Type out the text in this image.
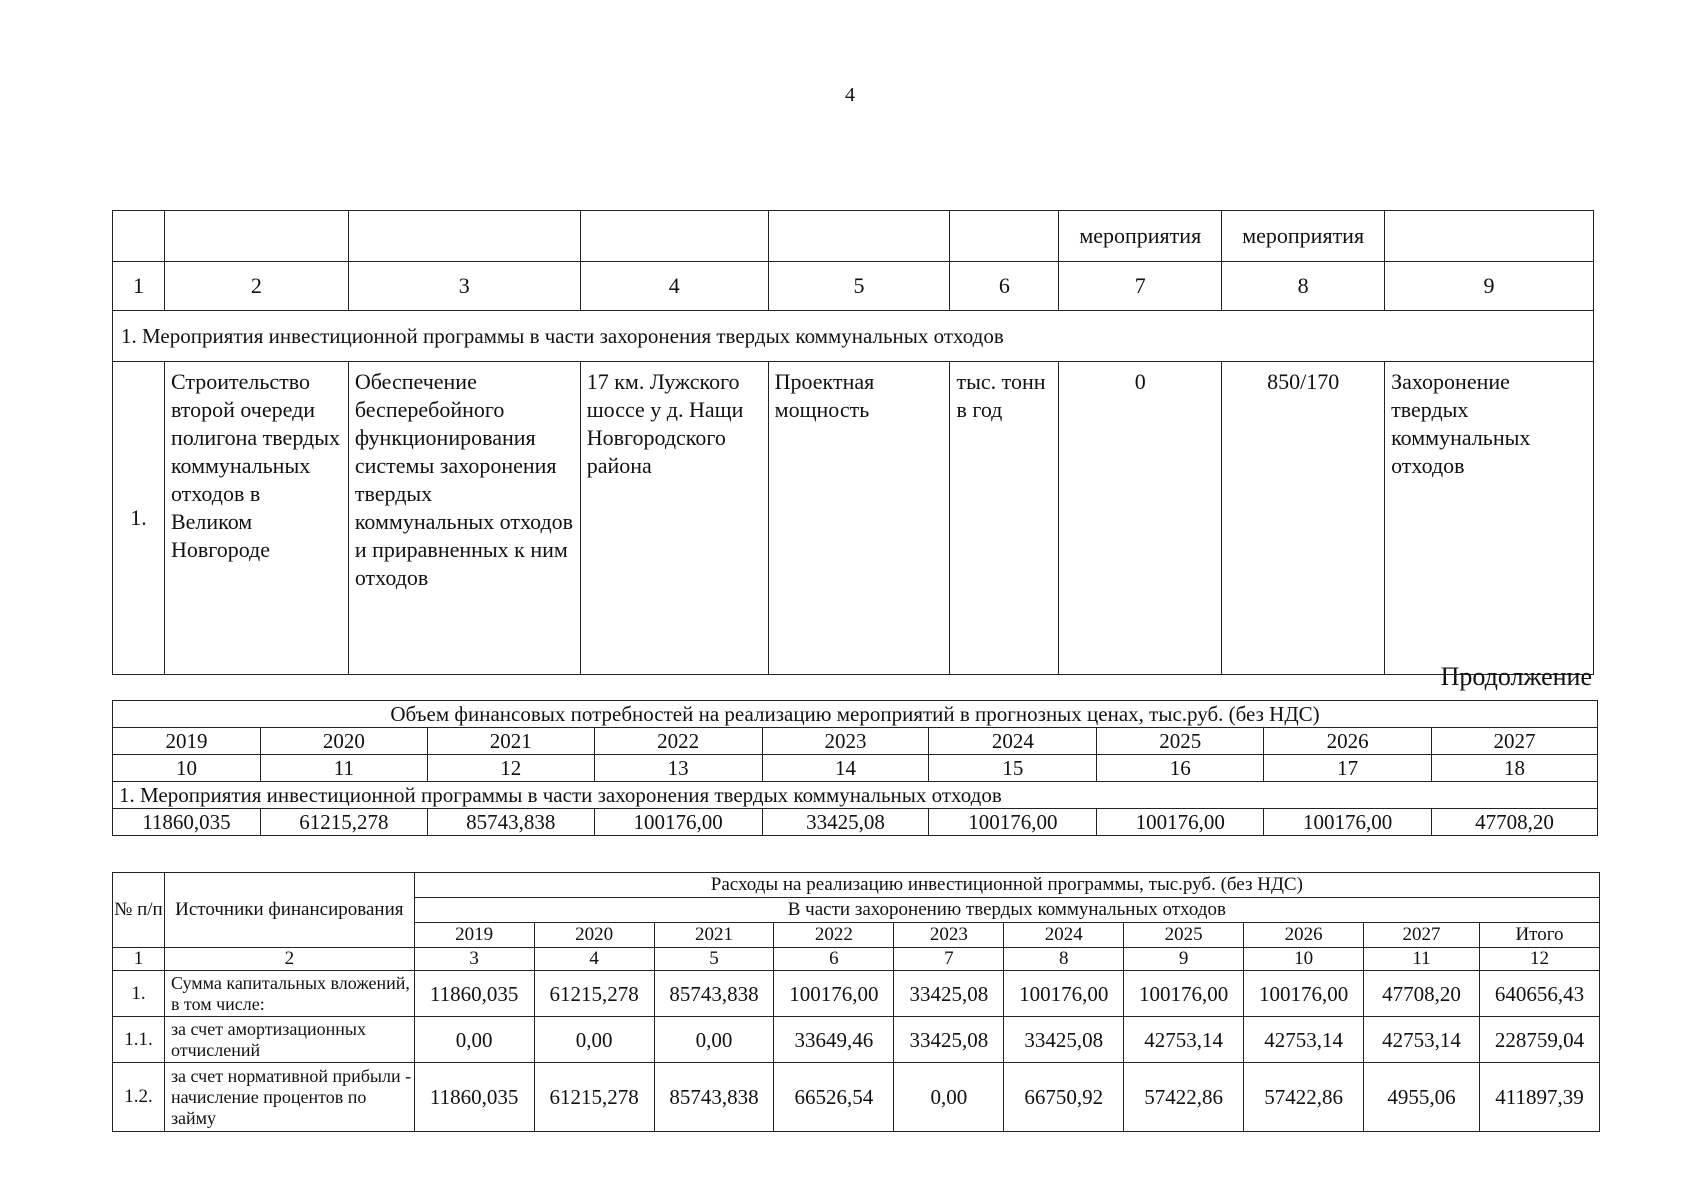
4
						мероприятия	мероприятия	
1	2	3	4	5	6	7	8	9
1. Мероприятия инвестиционной программы в части захоронения твердых коммунальных отходов								
1.	Строительство второй очереди полигона твердых коммунальных отходов в Великом Новгороде	Обеспечение бесперебойного функционирования системы захоронения твердых коммунальных отходов и приравненных к ним отходов	17 км. Лужского шоссе у д. Нащи Новгородского района	Проектная мощность	тыс. тонн в год	0	850/170	Захоронение твердых коммунальных отходов
Продолжение
Объем финансовых потребностей на реализацию мероприятий в прогнозных ценах, тыс.руб. (без НДС)								
2019	2020	2021	2022	2023	2024	2025	2026	2027
10	11	12	13	14	15	16	17	18
1. Мероприятия инвестиционной программы в части захоронения твердых коммунальных отходов								
11860,035	61215,278	85743,838	100176,00	33425,08	100176,00	100176,00	100176,00	47708,20
№ п/п	Источники финансирования	Расходы на реализацию инвестиционной программы, тыс.руб. (без НДС)									
		В части захоронению твердых коммунальных отходов									
		2019	2020	2021	2022	2023	2024	2025	2026	2027	Итого
1	2	3	4	5	6	7	8	9	10	11	12
1.	Сумма капитальных вложений, в том числе:	11860,035	61215,278	85743,838	100176,00	33425,08	100176,00	100176,00	100176,00	47708,20	640656,43
1.1.	за счет амортизационных отчислений	0,00	0,00	0,00	33649,46	33425,08	33425,08	42753,14	42753,14	42753,14	228759,04
1.2.	за счет нормативной прибыли - начисление процентов по займу	11860,035	61215,278	85743,838	66526,54	0,00	66750,92	57422,86	57422,86	4955,06	411897,39
